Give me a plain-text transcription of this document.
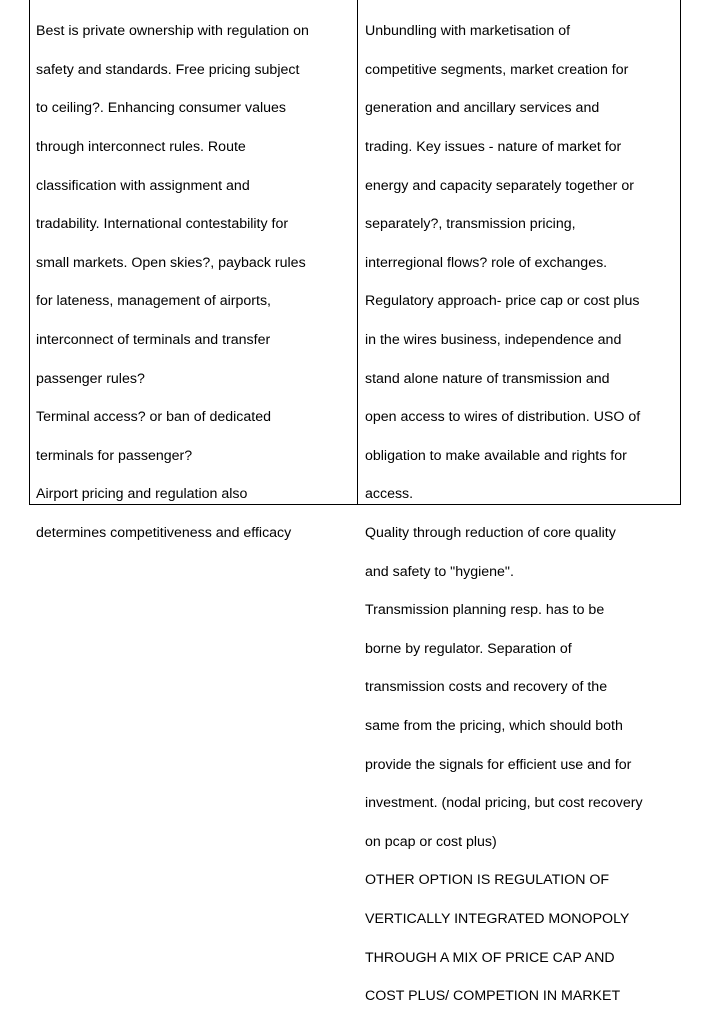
Best is private ownership with regulation on

safety and standards. Free pricing subject

to ceiling?. Enhancing consumer values

through interconnect rules. Route

classification with assignment and

tradability. International contestability for

small markets. Open skies?, payback rules

for lateness, management of airports,

interconnect of terminals and transfer

passenger rules?

Terminal access? or ban of dedicated

terminals for passenger?

Airport pricing and regulation also

determines competitiveness and efficacy

Unbundling with marketisation of

competitive segments, market creation for

generation and ancillary services and

trading. Key issues - nature of market for

energy and capacity separately together or

separately?, transmission pricing,

interregional flows? role of exchanges.

Regulatory approach- price cap or cost plus

in the wires business, independence and

stand alone nature of transmission and

open access to wires of distribution. USO of

obligation to make available and rights for

access.

Quality through reduction of core quality

and safety to "hygiene".

Transmission planning resp. has to be

borne by regulator. Separation of

transmission costs and recovery of the

same from the pricing, which should both

provide the signals for efficient use and for

investment. (nodal pricing, but cost recovery

on pcap or cost plus)

OTHER OPTION IS REGULATION OF

VERTICALLY INTEGRATED MONOPOLY

THROUGH A MIX OF PRICE CAP AND

COST PLUS/ COMPETION IN MARKET
